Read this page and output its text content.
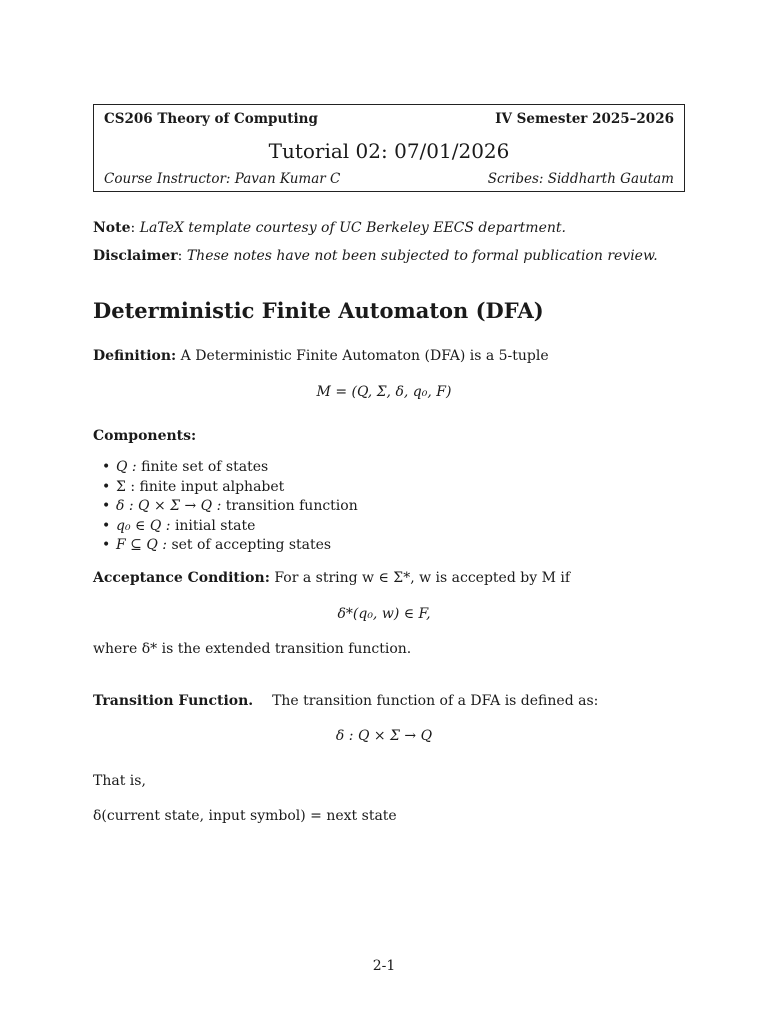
CS206 Theory of Computing	IV Semester 2025–2026
Tutorial 02: 07/01/2026
Course Instructor: Pavan Kumar C	Scribes: Siddharth Gautam
Note: LaTeX template courtesy of UC Berkeley EECS department.
Disclaimer: These notes have not been subjected to formal publication review.
Deterministic Finite Automaton (DFA)
Definition: A Deterministic Finite Automaton (DFA) is a 5-tuple
M = (Q, Σ, δ, q₀, F)
Components:
• Q : finite set of states
• Σ : finite input alphabet
• δ : Q × Σ → Q : transition function
• q₀ ∈ Q : initial state
• F ⊆ Q : set of accepting states
Acceptance Condition: For a string w ∈ Σ*, w is accepted by M if
δ*(q₀, w) ∈ F,
where δ* is the extended transition function.
Transition Function. The transition function of a DFA is defined as:
δ : Q × Σ → Q
That is,
δ(current state, input symbol) = next state
2-1
